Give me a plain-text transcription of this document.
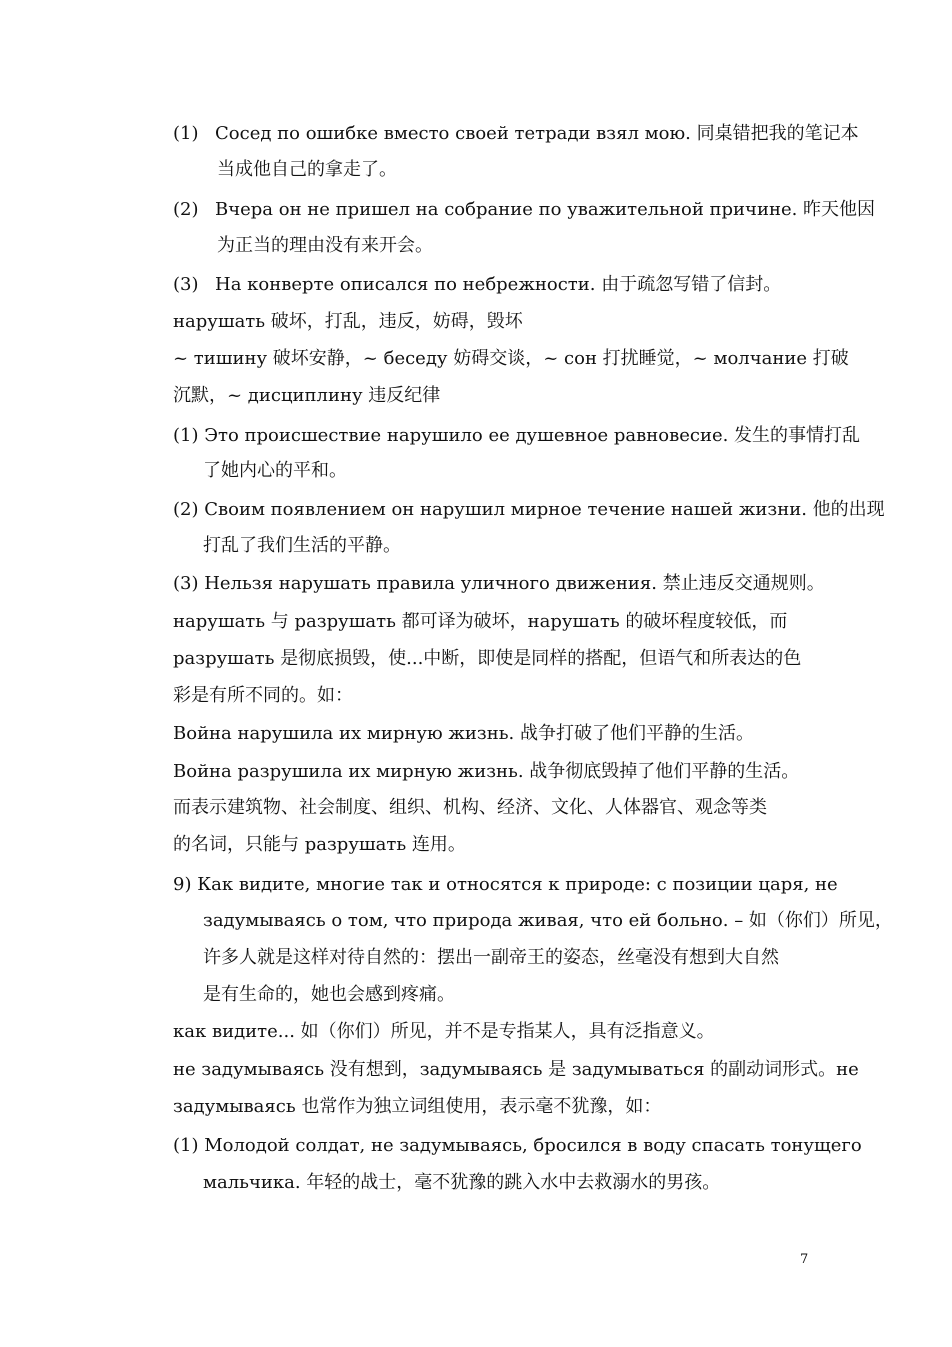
(1) Сосед по ошибке вместо своей тетради взял мою. 同桌错把我的笔记本
当成他自己的拿走了。
(2) Вчера он не пришел на собрание по уважительной причине. 昨天他因
为正当的理由没有来开会。
(3) На конверте описался по небрежности. 由于疏忽写错了信封。
нарушать 破坏，打乱，违反，妨碍，毁坏
~ тишину 破坏安静，~ беседу 妨碍交谈，~ сон 打扰睡觉，~ молчание 打破
沉默，~ дисциплину 违反纪律
(1) Это происшествие нарушило ее душевное равновесие. 发生的事情打乱
了她内心的平和。
(2) Своим появлением он нарушил мирное течение нашей жизни. 他的出现
打乱了我们生活的平静。
(3) Нельзя нарушать правила уличного движения. 禁止违反交通规则。
нарушать 与 разрушать 都可译为破坏，нарушать 的破坏程度较低，而
разрушать 是彻底损毁，使...中断，即使是同样的搭配，但语气和所表达的色
彩是有所不同的。如：
Война нарушила их мирную жизнь. 战争打破了他们平静的生活。
Война разрушила их мирную жизнь. 战争彻底毁掉了他们平静的生活。
而表示建筑物、社会制度、组织、机构、经济、文化、人体器官、观念等类
的名词，只能与 разрушать 连用。
9) Как видите, многие так и относятся к природе: с позиции царя, не
задумываясь о том, что природа живая, что ей больно. – 如（你们）所见，
许多人就是这样对待自然的：摆出一副帝王的姿态，丝毫没有想到大自然
是有生命的，她也会感到疼痛。
как видите... 如（你们）所见，并不是专指某人，具有泛指意义。
не задумываясь 没有想到，задумываясь 是 задумываться 的副动词形式。не
задумываясь 也常作为独立词组使用，表示毫不犹豫，如：
(1) Молодой солдат, не задумываясь, бросился в воду спасать тонущего
мальчика. 年轻的战士，毫不犹豫的跳入水中去救溺水的男孩。
7
